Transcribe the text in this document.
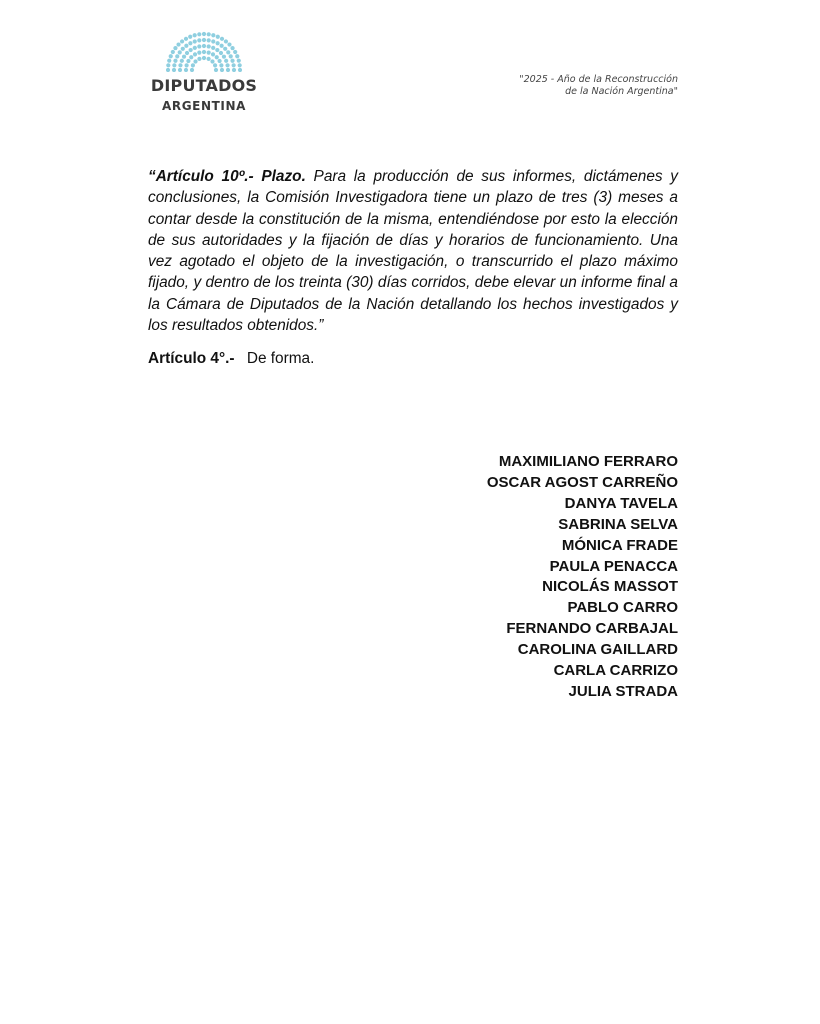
DIPUTADOS
ARGENTINA
"2025 - Año de la Reconstrucción
de la Nación Argentina"
“Artículo 10º.- Plazo. Para la producción de sus informes, dictámenes y conclusiones, la Comisión Investigadora tiene un plazo de tres (3) meses a contar desde la constitución de la misma, entendiéndose por esto la elección de sus autoridades y la fijación de días y horarios de funcionamiento. Una vez agotado el objeto de la investigación, o transcurrido el plazo máximo fijado, y dentro de los treinta (30) días corridos, debe elevar un informe final a la Cámara de Diputados de la Nación detallando los hechos investigados y los resultados obtenidos.”
Artículo 4°.- De forma.
MAXIMILIANO FERRARO
OSCAR AGOST CARREÑO
DANYA TAVELA
SABRINA SELVA
MÓNICA FRADE
PAULA PENACCA
NICOLÁS MASSOT
PABLO CARRO
FERNANDO CARBAJAL
CAROLINA GAILLARD
CARLA CARRIZO
JULIA STRADA
